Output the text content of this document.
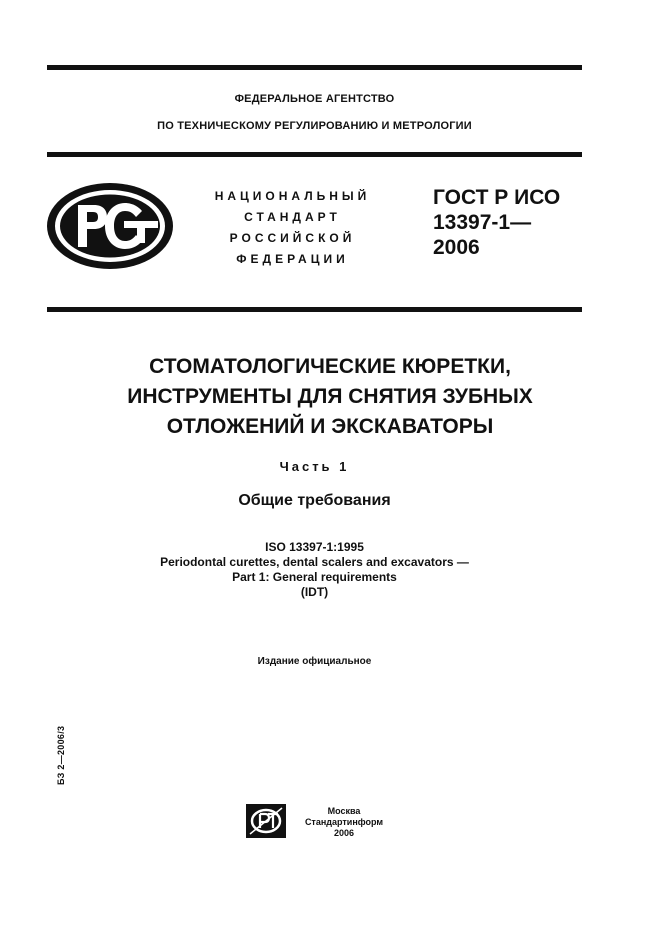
ФЕДЕРАЛЬНОЕ АГЕНТСТВО
ПО ТЕХНИЧЕСКОМУ РЕГУЛИРОВАНИЮ И МЕТРОЛОГИИ
НАЦИОНАЛЬНЫЙ
СТАНДАРТ
РОССИЙСКОЙ
ФЕДЕРАЦИИ
ГОСТ Р ИСО
13397-1—
2006
СТОМАТОЛОГИЧЕСКИЕ КЮРЕТКИ,
ИНСТРУМЕНТЫ ДЛЯ СНЯТИЯ ЗУБНЫХ
ОТЛОЖЕНИЙ И ЭКСКАВАТОРЫ
Часть 1
Общие требования
ISO 13397-1:1995
Periodontal curettes, dental scalers and excavators —
Part 1: General requirements
(IDT)
Издание официальное
БЗ 2—2006/3
Москва
Стандартинформ
2006
